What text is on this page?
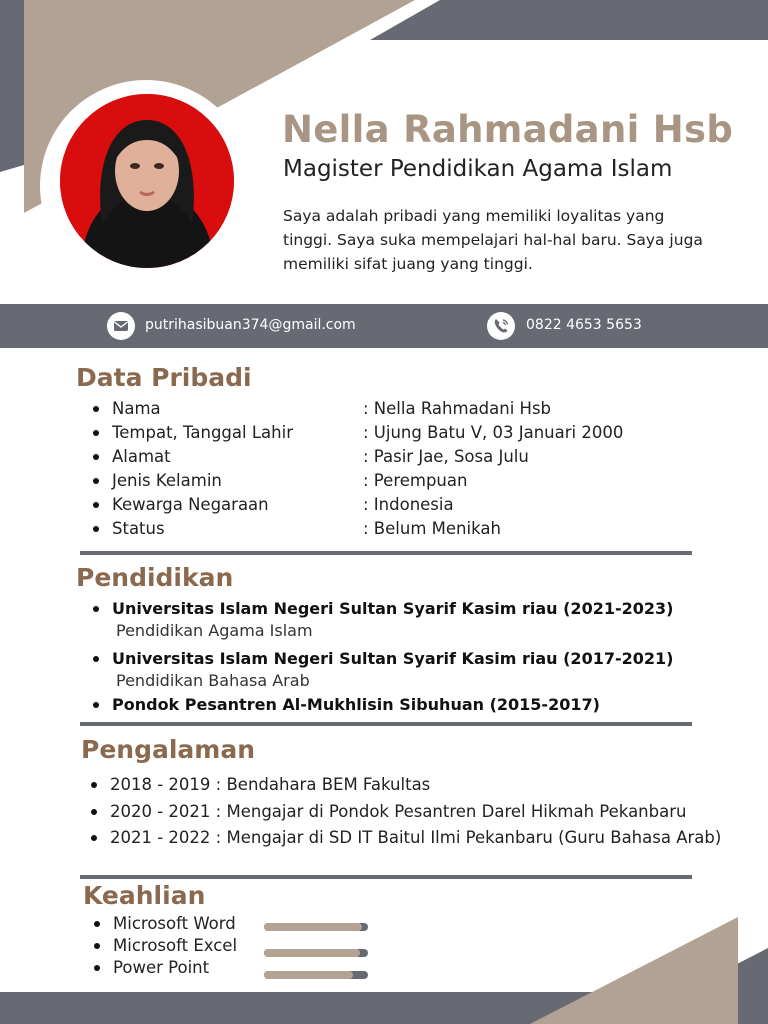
Nella Rahmadani Hsb
Magister Pendidikan Agama Islam
Saya adalah pribadi yang memiliki loyalitas yang tinggi. Saya suka mempelajari hal-hal baru. Saya juga memiliki sifat juang yang tinggi.
putrihasibuan374@gmail.com	0822 4653 5653
Data Pribadi
Nama	: Nella Rahmadani Hsb
Tempat, Tanggal Lahir	: Ujung Batu V, 03 Januari 2000
Alamat	: Pasir Jae, Sosa Julu
Jenis Kelamin	: Perempuan
Kewarga Negaraan	: Indonesia
Status	: Belum Menikah
Pendidikan
Universitas Islam Negeri Sultan Syarif Kasim riau (2021-2023)
Pendidikan Agama Islam
Universitas Islam Negeri Sultan Syarif Kasim riau (2017-2021)
Pendidikan Bahasa Arab
Pondok Pesantren Al-Mukhlisin Sibuhuan (2015-2017)
Pengalaman
2018 - 2019 : Bendahara BEM Fakultas
2020 - 2021 : Mengajar di Pondok Pesantren Darel Hikmah Pekanbaru
2021 - 2022 : Mengajar di SD IT Baitul Ilmi Pekanbaru (Guru Bahasa Arab)
Keahlian
Microsoft Word
Microsoft Excel
Power Point
